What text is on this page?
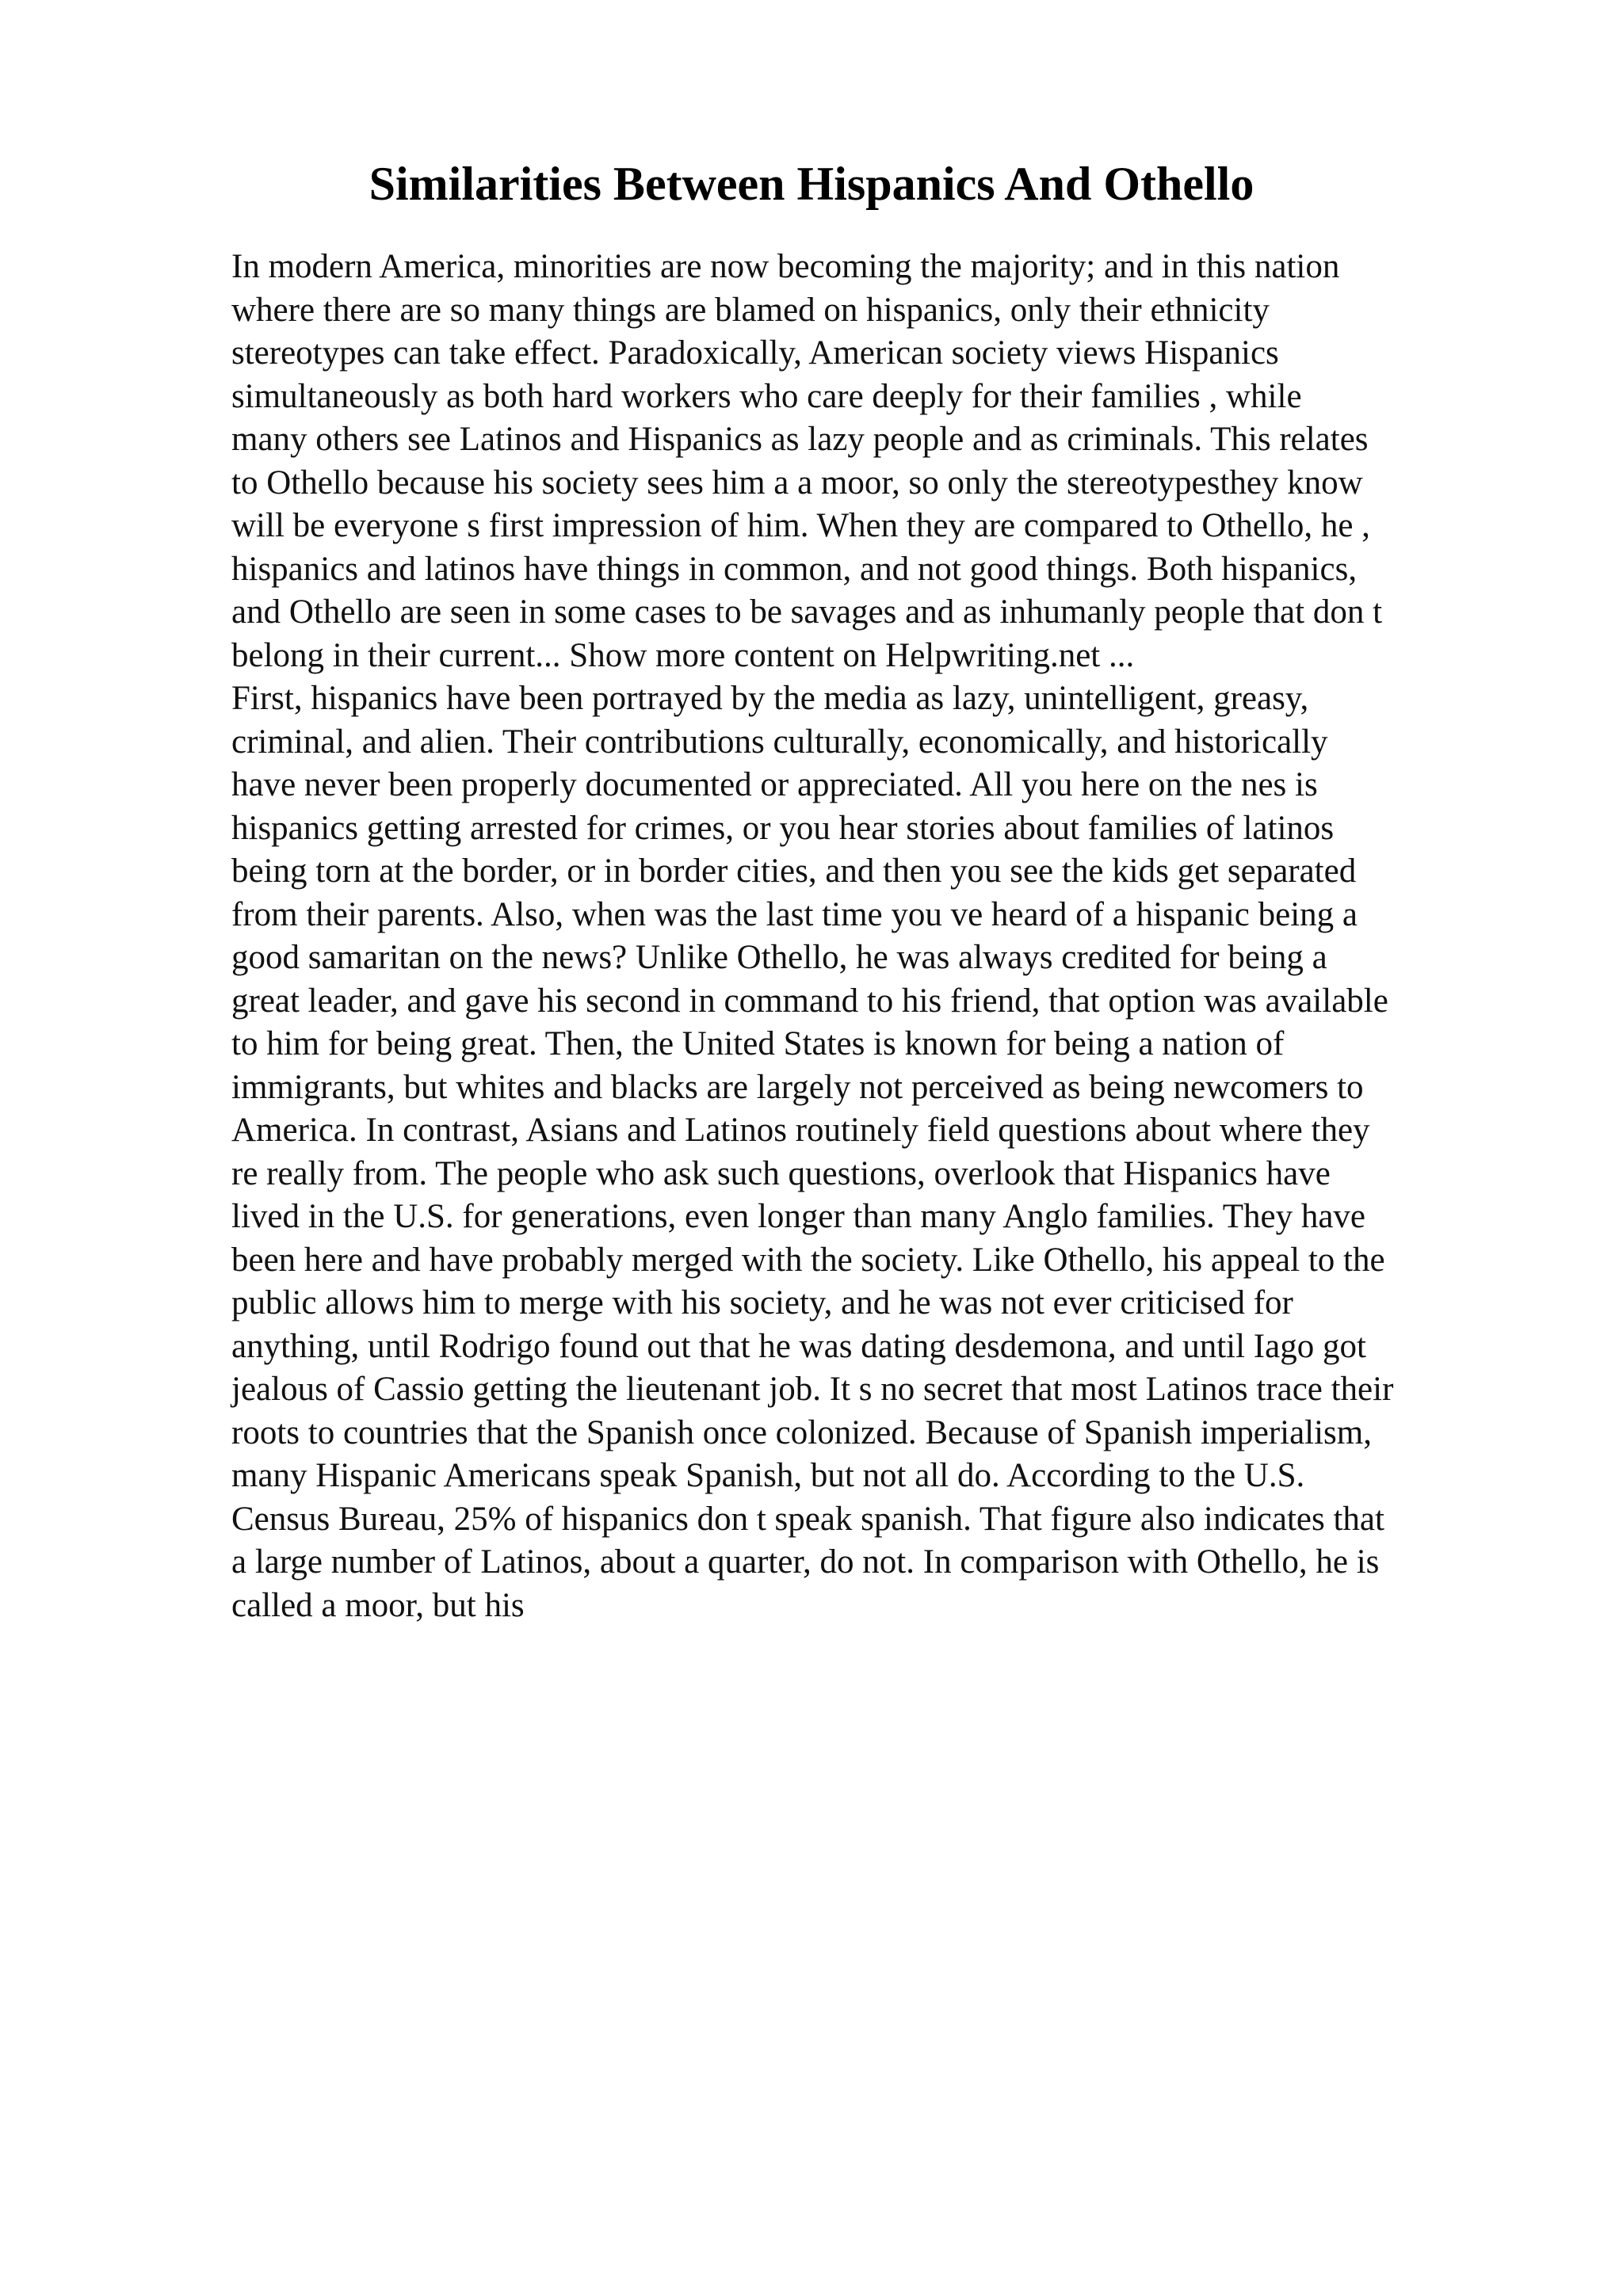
Similarities Between Hispanics And Othello
In modern America, minorities are now becoming the majority; and in this nation
where there are so many things are blamed on hispanics, only their ethnicity
stereotypes can take effect. Paradoxically, American society views Hispanics
simultaneously as both hard workers who care deeply for their families , while
many others see Latinos and Hispanics as lazy people and as criminals. This relates
to Othello because his society sees him a a moor, so only the stereotypesthey know
will be everyone s first impression of him. When they are compared to Othello, he ,
hispanics and latinos have things in common, and not good things. Both hispanics,
and Othello are seen in some cases to be savages and as inhumanly people that don t
belong in their current... Show more content on Helpwriting.net ...
First, hispanics have been portrayed by the media as lazy, unintelligent, greasy,
criminal, and alien. Their contributions culturally, economically, and historically
have never been properly documented or appreciated. All you here on the nes is
hispanics getting arrested for crimes, or you hear stories about families of latinos
being torn at the border, or in border cities, and then you see the kids get separated
from their parents. Also, when was the last time you ve heard of a hispanic being a
good samaritan on the news? Unlike Othello, he was always credited for being a
great leader, and gave his second in command to his friend, that option was available
to him for being great. Then, the United States is known for being a nation of
immigrants, but whites and blacks are largely not perceived as being newcomers to
America. In contrast, Asians and Latinos routinely field questions about where they
re really from. The people who ask such questions, overlook that Hispanics have
lived in the U.S. for generations, even longer than many Anglo families. They have
been here and have probably merged with the society. Like Othello, his appeal to the
public allows him to merge with his society, and he was not ever criticised for
anything, until Rodrigo found out that he was dating desdemona, and until Iago got
jealous of Cassio getting the lieutenant job. It s no secret that most Latinos trace their
roots to countries that the Spanish once colonized. Because of Spanish imperialism,
many Hispanic Americans speak Spanish, but not all do. According to the U.S.
Census Bureau, 25% of hispanics don t speak spanish. That figure also indicates that
a large number of Latinos, about a quarter, do not. In comparison with Othello, he is
called a moor, but his
